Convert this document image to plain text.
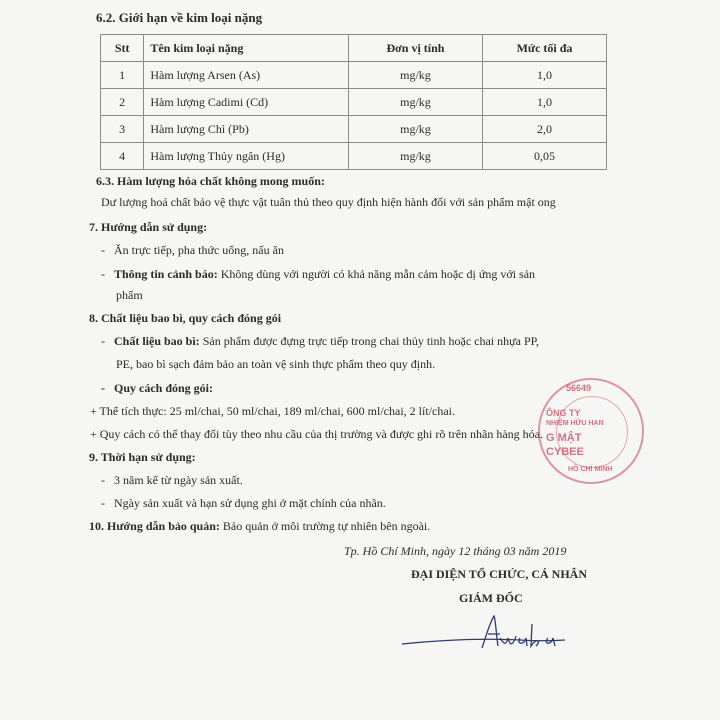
6.2. Giới hạn về kim loại nặng
Stt	Tên kim loại nặng	Đơn vị tính	Mức tối đa
1	Hàm lượng Arsen (As)	mg/kg	1,0
2	Hàm lượng Cadimi (Cd)	mg/kg	1,0
3	Hàm lượng Chì (Pb)	mg/kg	2,0
4	Hàm lượng Thủy ngân (Hg)	mg/kg	0,05
6.3. Hàm lượng hóa chất không mong muốn:
Dư lượng hoá chất bảo vệ thực vật tuân thủ theo quy định hiện hành đối với sản phẩm mật ong
7. Hướng dẫn sử dụng:
-   Ăn trực tiếp, pha thức uống, nấu ăn
-   Thông tin cảnh báo: Không dùng với người có khả năng mẫn cảm hoặc dị ứng với sản
phẩm
8. Chất liệu bao bì, quy cách đóng gói
-   Chất liệu bao bì: Sản phẩm được đựng trực tiếp trong chai thủy tinh hoặc chai nhựa PP,
PE, bao bì sạch đảm bảo an toàn vệ sinh thực phẩm theo quy định.
-   Quy cách đóng gói:
+ Thể tích thực: 25 ml/chai, 50 ml/chai, 189 ml/chai, 600 ml/chai, 2 lít/chai.
+ Quy cách có thể thay đổi tùy theo nhu cầu của thị trường và được ghi rõ trên nhãn hàng hóa.
9. Thời hạn sử dụng:
-   3 năm kể từ ngày sản xuất.
-   Ngày sản xuất và hạn sử dụng ghi ở mặt chính của nhãn.
10. Hướng dẫn bảo quản: Bảo quản ở môi trường tự nhiên bên ngoài.
Tp. Hồ Chí Minh, ngày 12 tháng 03 năm 2019
ĐẠI DIỆN TỔ CHỨC, CÁ NHÂN
GIÁM ĐỐC
56649
ÔNG TY
NHIỆM HỮU HẠN
G MẬT
CYBEE
HỒ CHÍ MINH
